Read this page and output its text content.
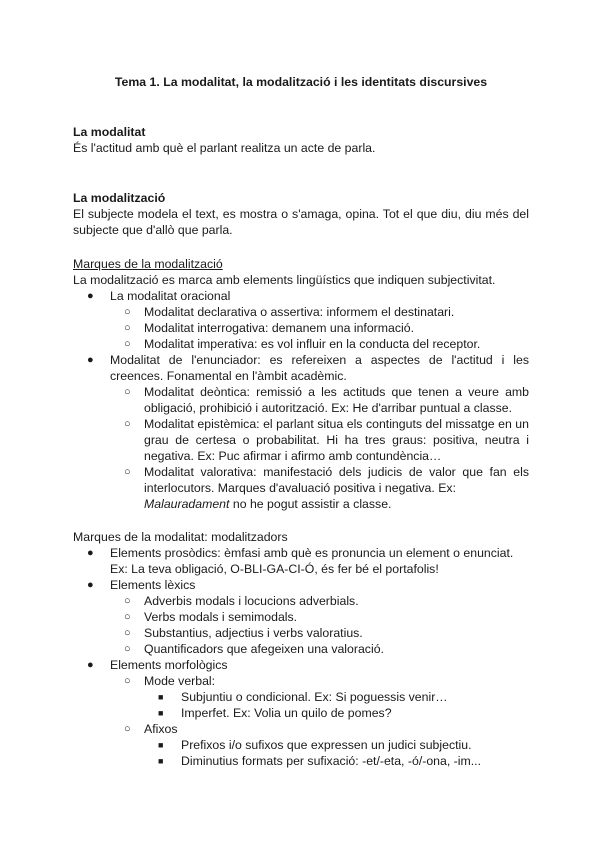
Tema 1. La modalitat, la modalització i les identitats discursives

La modalitat

És l'actitud amb què el parlant realitza un acte de parla.

La modalització

El subjecte modela el text, es mostra o s'amaga, opina. Tot el que diu, diu més del subjecte que d'allò que parla.

Marques de la modalització

La modalització es marca amb elements lingüístics que indiquen subjectivitat.

● La modalitat oracional
○ Modalitat declarativa o assertiva: informem el destinatari.
○ Modalitat interrogativa: demanem una informació.
○ Modalitat imperativa: es vol influir en la conducta del receptor.
● Modalitat de l'enunciador: es refereixen a aspectes de l'actitud i les creences. Fonamental en l'àmbit acadèmic.
○ Modalitat deòntica: remissió a les actituds que tenen a veure amb obligació, prohibició i autorització. Ex: He d'arribar puntual a classe.
○ Modalitat epistèmica: el parlant situa els continguts del missatge en un grau de certesa o probabilitat. Hi ha tres graus: positiva, neutra i negativa. Ex: Puc afirmar i afirmo amb contundència…
○ Modalitat valorativa: manifestació dels judicis de valor que fan els interlocutors. Marques d'avaluació positiva i negativa. Ex:
Malauradament no he pogut assistir a classe.

Marques de la modalitat: modalitzadors

● Elements prosòdics: èmfasi amb què es pronuncia un element o enunciat. Ex: La teva obligació, O-BLI-GA-CI-Ó, és fer bé el portafolis!
● Elements lèxics
○ Adverbis modals i locucions adverbials.
○ Verbs modals i semimodals.
○ Substantius, adjectius i verbs valoratius.
○ Quantificadors que afegeixen una valoració.
● Elements morfològics
○ Mode verbal:
■ Subjuntiu o condicional. Ex: Si poguessis venir…
■ Imperfet. Ex: Volia un quilo de pomes?
○ Afixos
■ Prefixos i/o sufixos que expressen un judici subjectiu.
■ Diminutius formats per sufixació: -et/-eta, -ó/-ona, -im...
